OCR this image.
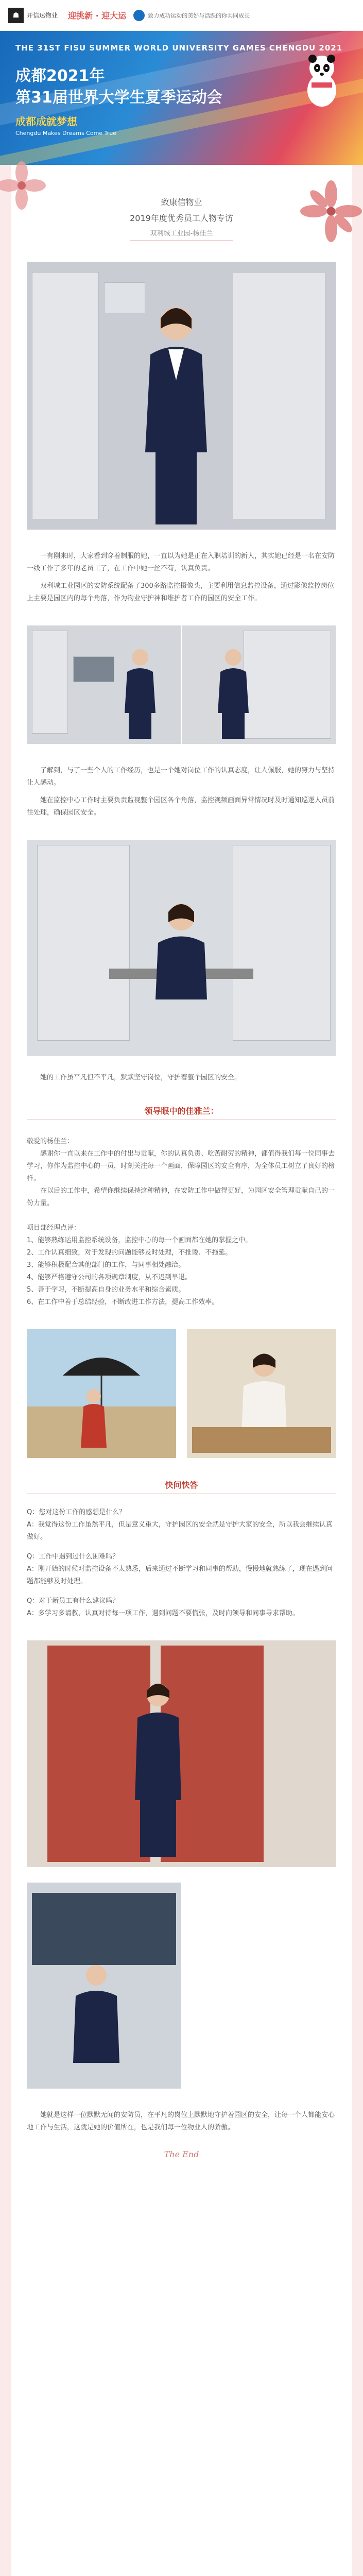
☗ 开信达物业 迎挑新 · 迎大运	致力成功运动的美好与活跃的你共同成长
THE 31ST FISU SUMMER WORLD UNIVERSITY GAMES CHENGDU 2021
成都2021年
第31届世界大学生夏季运动会
成都成就梦想
Chengdu Makes Dreams Come True
致康信物业
2019年度优秀员工人物专访
双利城工业园-杨佳兰

一有刚来时，大家看到穿着制服的她，一直以为她是正在入职培训的新人，其实她已经是一名在安防一线工作了多年的老员工了，在工作中她一丝不苟，认真负责。

双利城工业园区的安防系统配备了300多路监控摄像头，主要利用信息监控设备，通过影像监控岗位上主要是园区内的每个角落，作为物业守护神和维护者工作的园区的安全工作。

了解到，与了一些个人的工作经历，也是一个她对岗位工作的认真态度，让人佩服，她的努力与坚持让人感动。

她在监控中心工作时主要负责监视整个园区各个角落，监控视频画面异常情况时及时通知巡逻人员前往处理，确保园区安全。

她的工作虽平凡但不平凡，默默坚守岗位，守护着整个园区的安全。

领导眼中的佳雅兰：

敬爱的杨佳兰：

感谢你一直以来在工作中的付出与贡献，你的认真负责、吃苦耐劳的精神，都值得我们每一位同事去学习，你作为监控中心的一员，时刻关注每一个画面，保障园区的安全有序，为全体员工树立了良好的榜样。

在以后的工作中，希望你继续保持这种精神，在安防工作中做得更好，为园区安全管理贡献自己的一份力量。

项目部经理点评：

1、能够熟练运用监控系统设备，监控中心的每一个画面都在她的掌握之中。

2、工作认真细致，对于发现的问题能够及时处理，不推诿、不拖延。

3、能够积极配合其他部门的工作，与同事相处融洽。

4、能够严格遵守公司的各项规章制度，从不迟到早退。

5、善于学习，不断提高自身的业务水平和综合素质。

6、在工作中善于总结经验，不断改进工作方法，提高工作效率。

快问快答

Q：您对这份工作的感想是什么？

A：我觉得这份工作虽然平凡，但是意义重大，守护园区的安全就是守护大家的安全，所以我会继续认真做好。

Q：工作中遇到过什么困难吗？

A：刚开始的时候对监控设备不太熟悉，后来通过不断学习和同事的帮助，慢慢地就熟练了，现在遇到问题都能够及时处理。

Q：对于新员工有什么建议吗？

A：多学习多请教，认真对待每一项工作，遇到问题不要慌张，及时向领导和同事寻求帮助。

她就是这样一位默默无闻的安防员，在平凡的岗位上默默地守护着园区的安全，让每一个人都能安心地工作与生活，这就是她的价值所在，也是我们每一位物业人的骄傲。

The End
